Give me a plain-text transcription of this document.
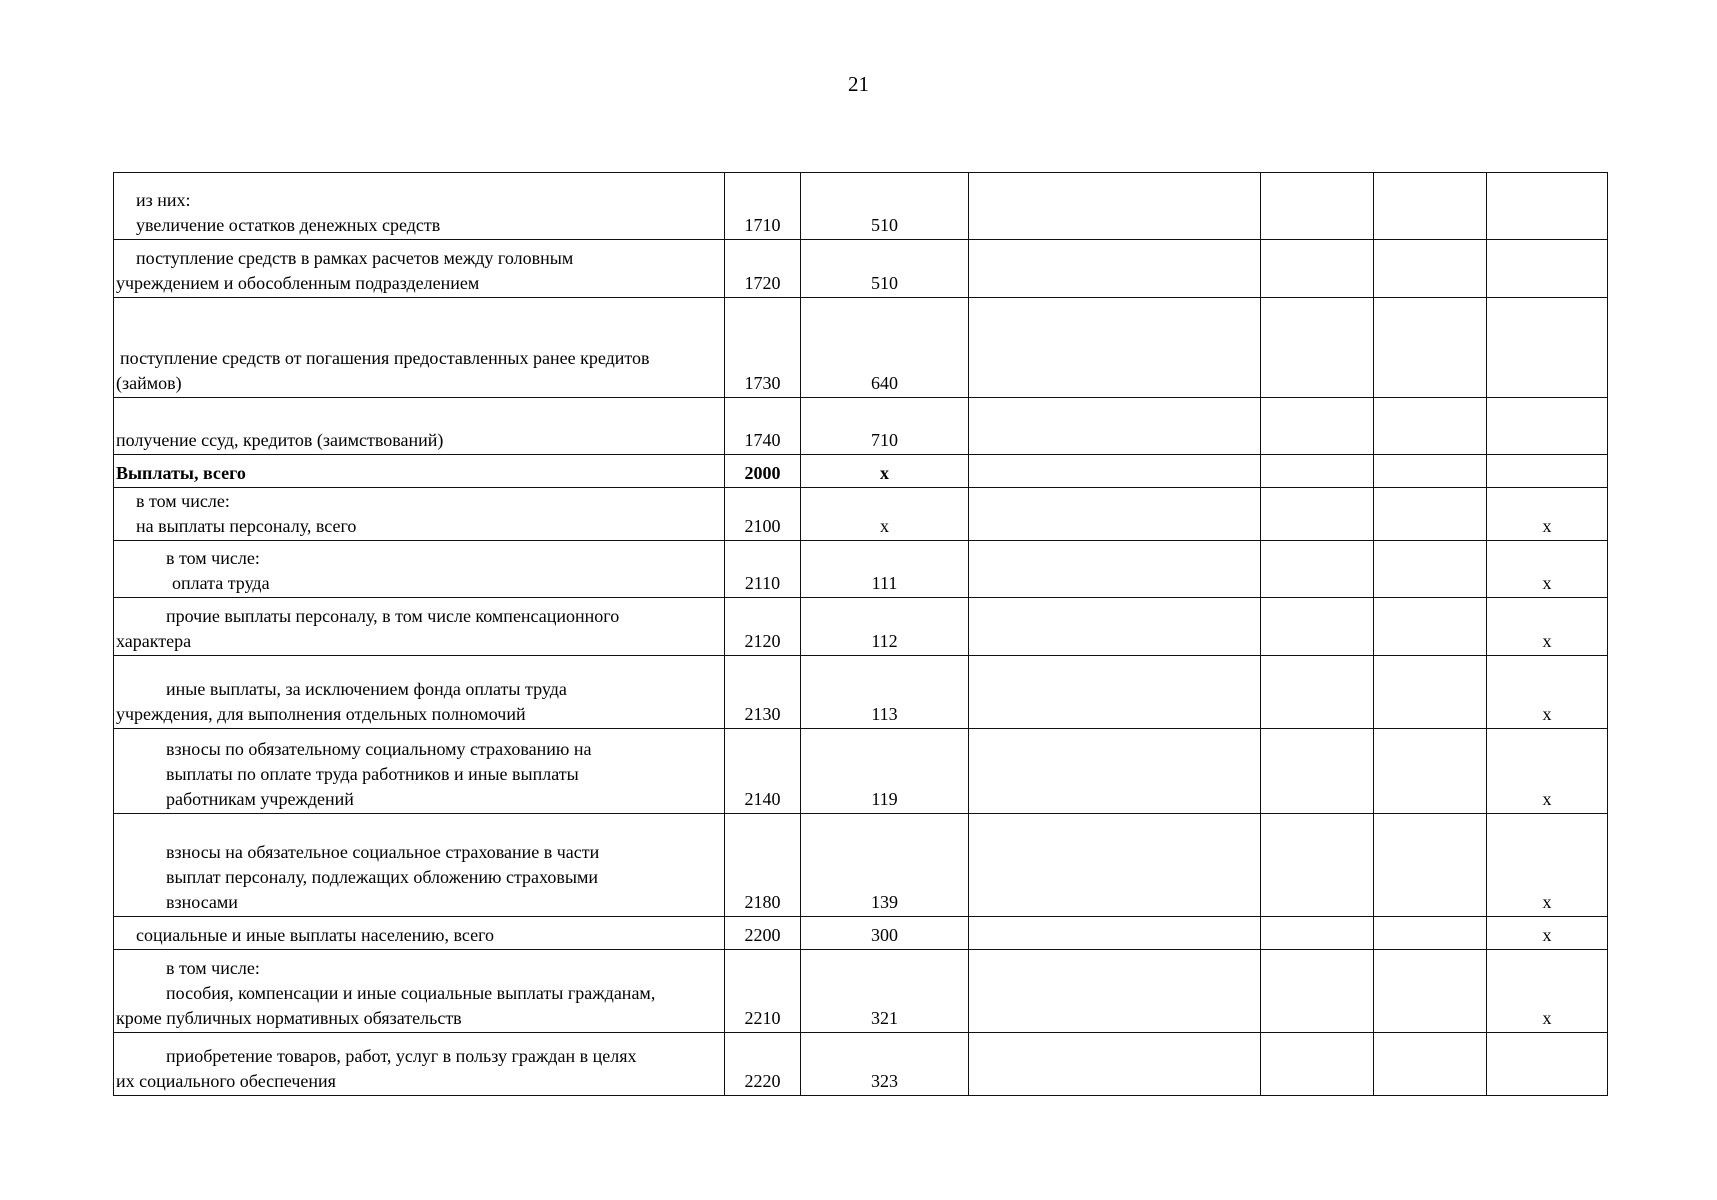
21
из них:
увеличение остатков денежных средств	1710	510				

поступление средств в рамках расчетов между головным
учреждением и обособленным подразделением	1720	510				

поступление средств от погашения предоставленных ранее кредитов
(займов)	1730	640				

получение ссуд, кредитов (заимствований)	1740	710				

Выплаты, всего	2000	х				

в том числе:
на выплаты персоналу, всего	2100	х				х

в том числе:
оплата труда	2110	111				х

прочие выплаты персоналу, в том числе компенсационного
характера	2120	112				х

иные выплаты, за исключением фонда оплаты труда
учреждения, для выполнения отдельных полномочий	2130	113				х

взносы по обязательному социальному страхованию на
выплаты по оплате труда работников и иные выплаты
работникам учреждений	2140	119				х

взносы на обязательное социальное страхование в части
выплат персоналу, подлежащих обложению страховыми
взносами	2180	139				х

социальные и иные выплаты населению, всего	2200	300				х

в том числе:
пособия, компенсации и иные социальные выплаты гражданам,
кроме публичных нормативных обязательств	2210	321				х

приобретение товаров, работ, услуг в пользу граждан в целях
их социального обеспечения	2220	323				
